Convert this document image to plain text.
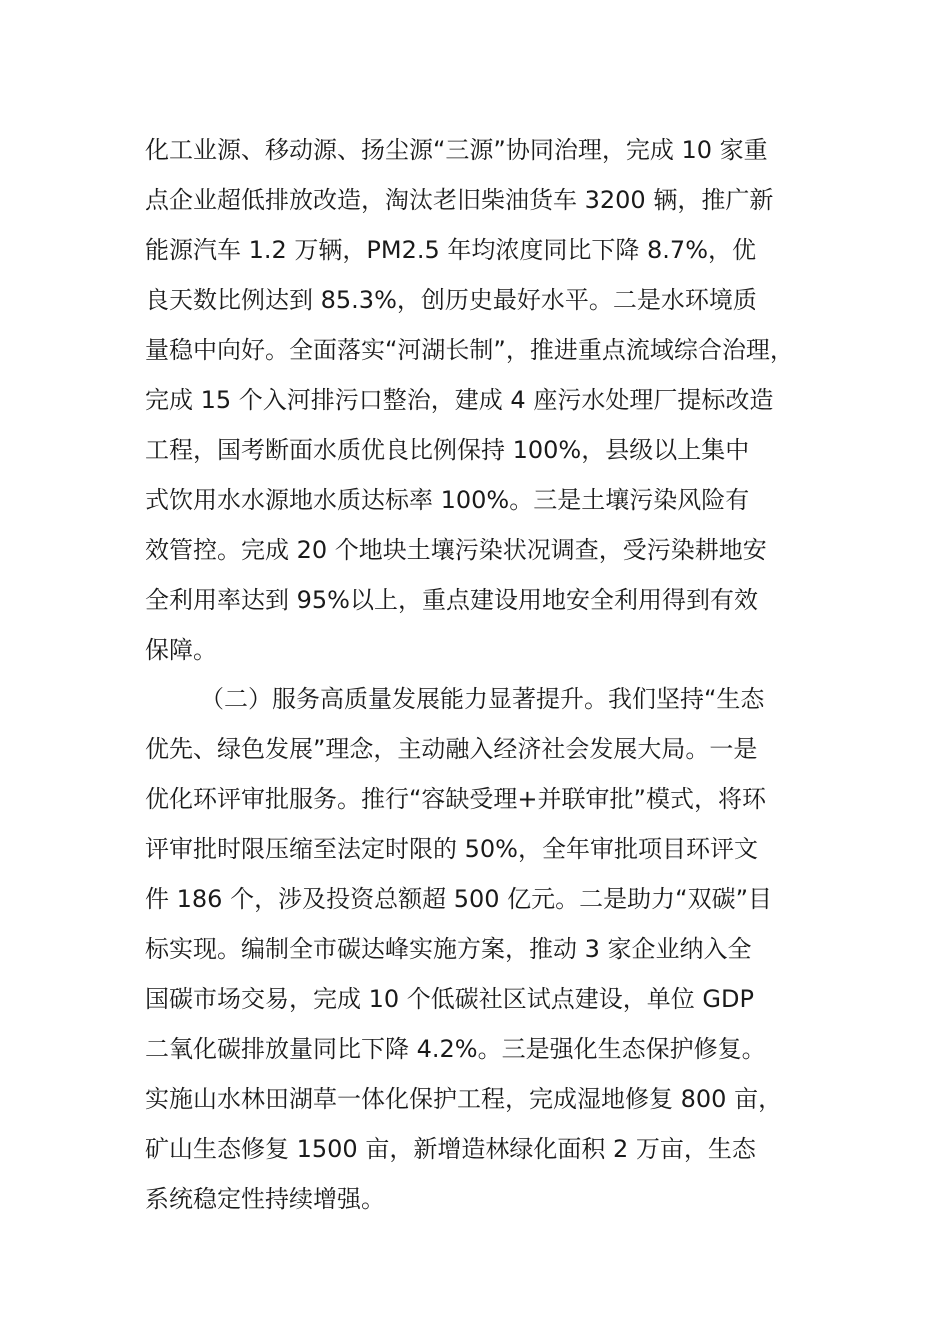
化工业源、移动源、扬尘源“三源”协同治理，完成 10 家重

点企业超低排放改造，淘汰老旧柴油货车 3200 辆，推广新

能源汽车 1.2 万辆，PM2.5 年均浓度同比下降 8.7%，优

良天数比例达到 85.3%，创历史最好水平。二是水环境质

量稳中向好。全面落实“河湖长制”，推进重点流域综合治理，

完成 15 个入河排污口整治，建成 4 座污水处理厂提标改造

工程，国考断面水质优良比例保持 100%，县级以上集中

式饮用水水源地水质达标率 100%。三是土壤污染风险有

效管控。完成 20 个地块土壤污染状况调查，受污染耕地安

全利用率达到 95%以上，重点建设用地安全利用得到有效

保障。

（二）服务高质量发展能力显著提升。我们坚持“生态

优先、绿色发展”理念，主动融入经济社会发展大局。一是

优化环评审批服务。推行“容缺受理+并联审批”模式，将环

评审批时限压缩至法定时限的 50%，全年审批项目环评文

件 186 个，涉及投资总额超 500 亿元。二是助力“双碳”目

标实现。编制全市碳达峰实施方案，推动 3 家企业纳入全

国碳市场交易，完成 10 个低碳社区试点建设，单位 GDP

二氧化碳排放量同比下降 4.2%。三是强化生态保护修复。

实施山水林田湖草一体化保护工程，完成湿地修复 800 亩，

矿山生态修复 1500 亩，新增造林绿化面积 2 万亩，生态

系统稳定性持续增强。
